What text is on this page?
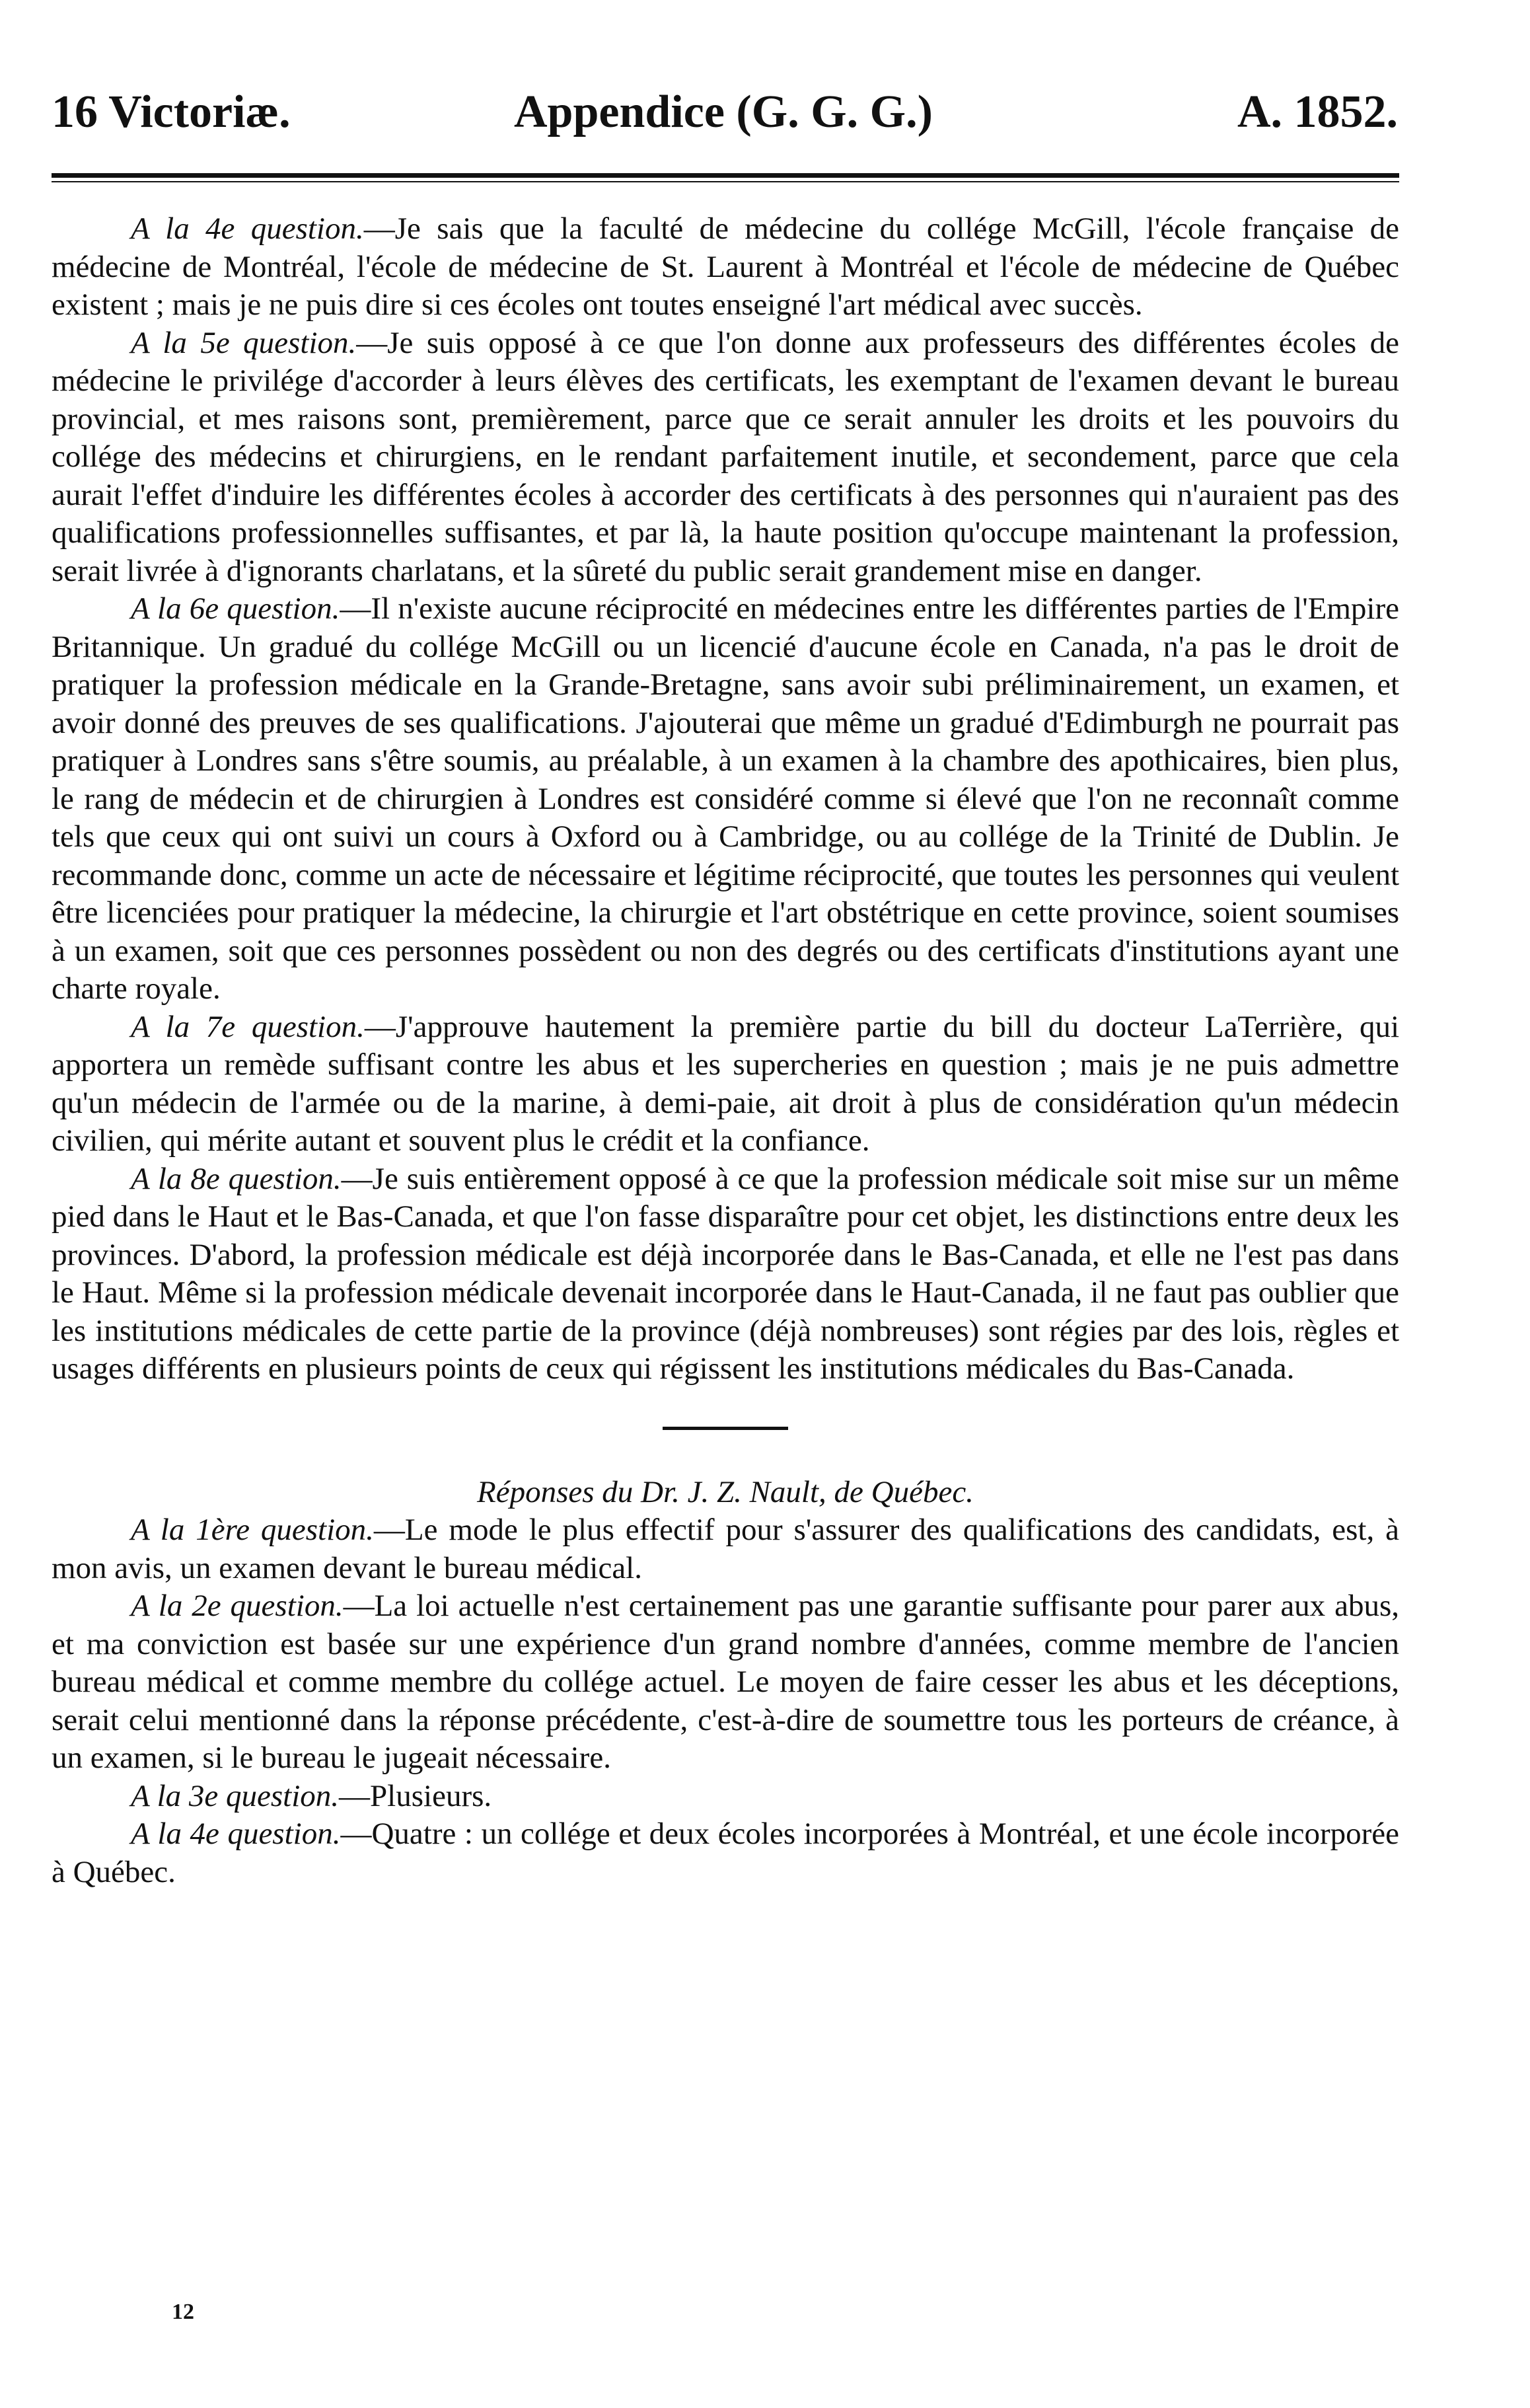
16 Victoriæ.	Appendice (G. G. G.)	A. 1852.

A la 4e question.—Je sais que la faculté de médecine du collége McGill, l'école française de médecine de Montréal, l'école de médecine de St. Laurent à Montréal et l'école de médecine de Québec existent ; mais je ne puis dire si ces écoles ont toutes enseigné l'art médical avec succès.

A la 5e question.—Je suis opposé à ce que l'on donne aux professeurs des différentes écoles de médecine le privilége d'accorder à leurs élèves des certificats, les exemptant de l'examen devant le bureau provincial, et mes raisons sont, premièrement, parce que ce serait annuler les droits et les pouvoirs du collége des médecins et chirurgiens, en le rendant parfaitement inutile, et secondement, parce que cela aurait l'effet d'induire les différentes écoles à accorder des certificats à des personnes qui n'auraient pas des qualifications professionnelles suffisantes, et par là, la haute position qu'occupe maintenant la profession, serait livrée à d'ignorants charlatans, et la sûreté du public serait grandement mise en danger.

A la 6e question.—Il n'existe aucune réciprocité en médecines entre les différentes parties de l'Empire Britannique. Un gradué du collége McGill ou un licencié d'aucune école en Canada, n'a pas le droit de pratiquer la profession médicale en la Grande-Bretagne, sans avoir subi préliminairement, un examen, et avoir donné des preuves de ses qualifications. J'ajouterai que même un gradué d'Edimburgh ne pourrait pas pratiquer à Londres sans s'être soumis, au préalable, à un examen à la chambre des apothicaires, bien plus, le rang de médecin et de chirurgien à Londres est considéré comme si élevé que l'on ne reconnaît comme tels que ceux qui ont suivi un cours à Oxford ou à Cambridge, ou au collége de la Trinité de Dublin. Je recommande donc, comme un acte de nécessaire et légitime réciprocité, que toutes les personnes qui veulent être licenciées pour pratiquer la médecine, la chirurgie et l'art obstétrique en cette province, soient soumises à un examen, soit que ces personnes possèdent ou non des degrés ou des certificats d'institutions ayant une charte royale.

A la 7e question.—J'approuve hautement la première partie du bill du docteur LaTerrière, qui apportera un remède suffisant contre les abus et les supercheries en question ; mais je ne puis admettre qu'un médecin de l'armée ou de la marine, à demi-paie, ait droit à plus de considération qu'un médecin civilien, qui mérite autant et souvent plus le crédit et la confiance.

A la 8e question.—Je suis entièrement opposé à ce que la profession médicale soit mise sur un même pied dans le Haut et le Bas-Canada, et que l'on fasse disparaître pour cet objet, les distinctions entre deux les provinces. D'abord, la profession médicale est déjà incorporée dans le Bas-Canada, et elle ne l'est pas dans le Haut. Même si la profession médicale devenait incorporée dans le Haut-Canada, il ne faut pas oublier que les institutions médicales de cette partie de la province (déjà nombreuses) sont régies par des lois, règles et usages différents en plusieurs points de ceux qui régissent les institutions médicales du Bas-Canada.

Réponses du Dr. J. Z. Nault, de Québec.

A la 1ère question.—Le mode le plus effectif pour s'assurer des qualifications des candidats, est, à mon avis, un examen devant le bureau médical.

A la 2e question.—La loi actuelle n'est certainement pas une garantie suffisante pour parer aux abus, et ma conviction est basée sur une expérience d'un grand nombre d'années, comme membre de l'ancien bureau médical et comme membre du collége actuel. Le moyen de faire cesser les abus et les déceptions, serait celui mentionné dans la réponse précédente, c'est-à-dire de soumettre tous les porteurs de créance, à un examen, si le bureau le jugeait nécessaire.

A la 3e question.—Plusieurs.

A la 4e question.—Quatre : un collége et deux écoles incorporées à Montréal, et une école incorporée à Québec.

12
